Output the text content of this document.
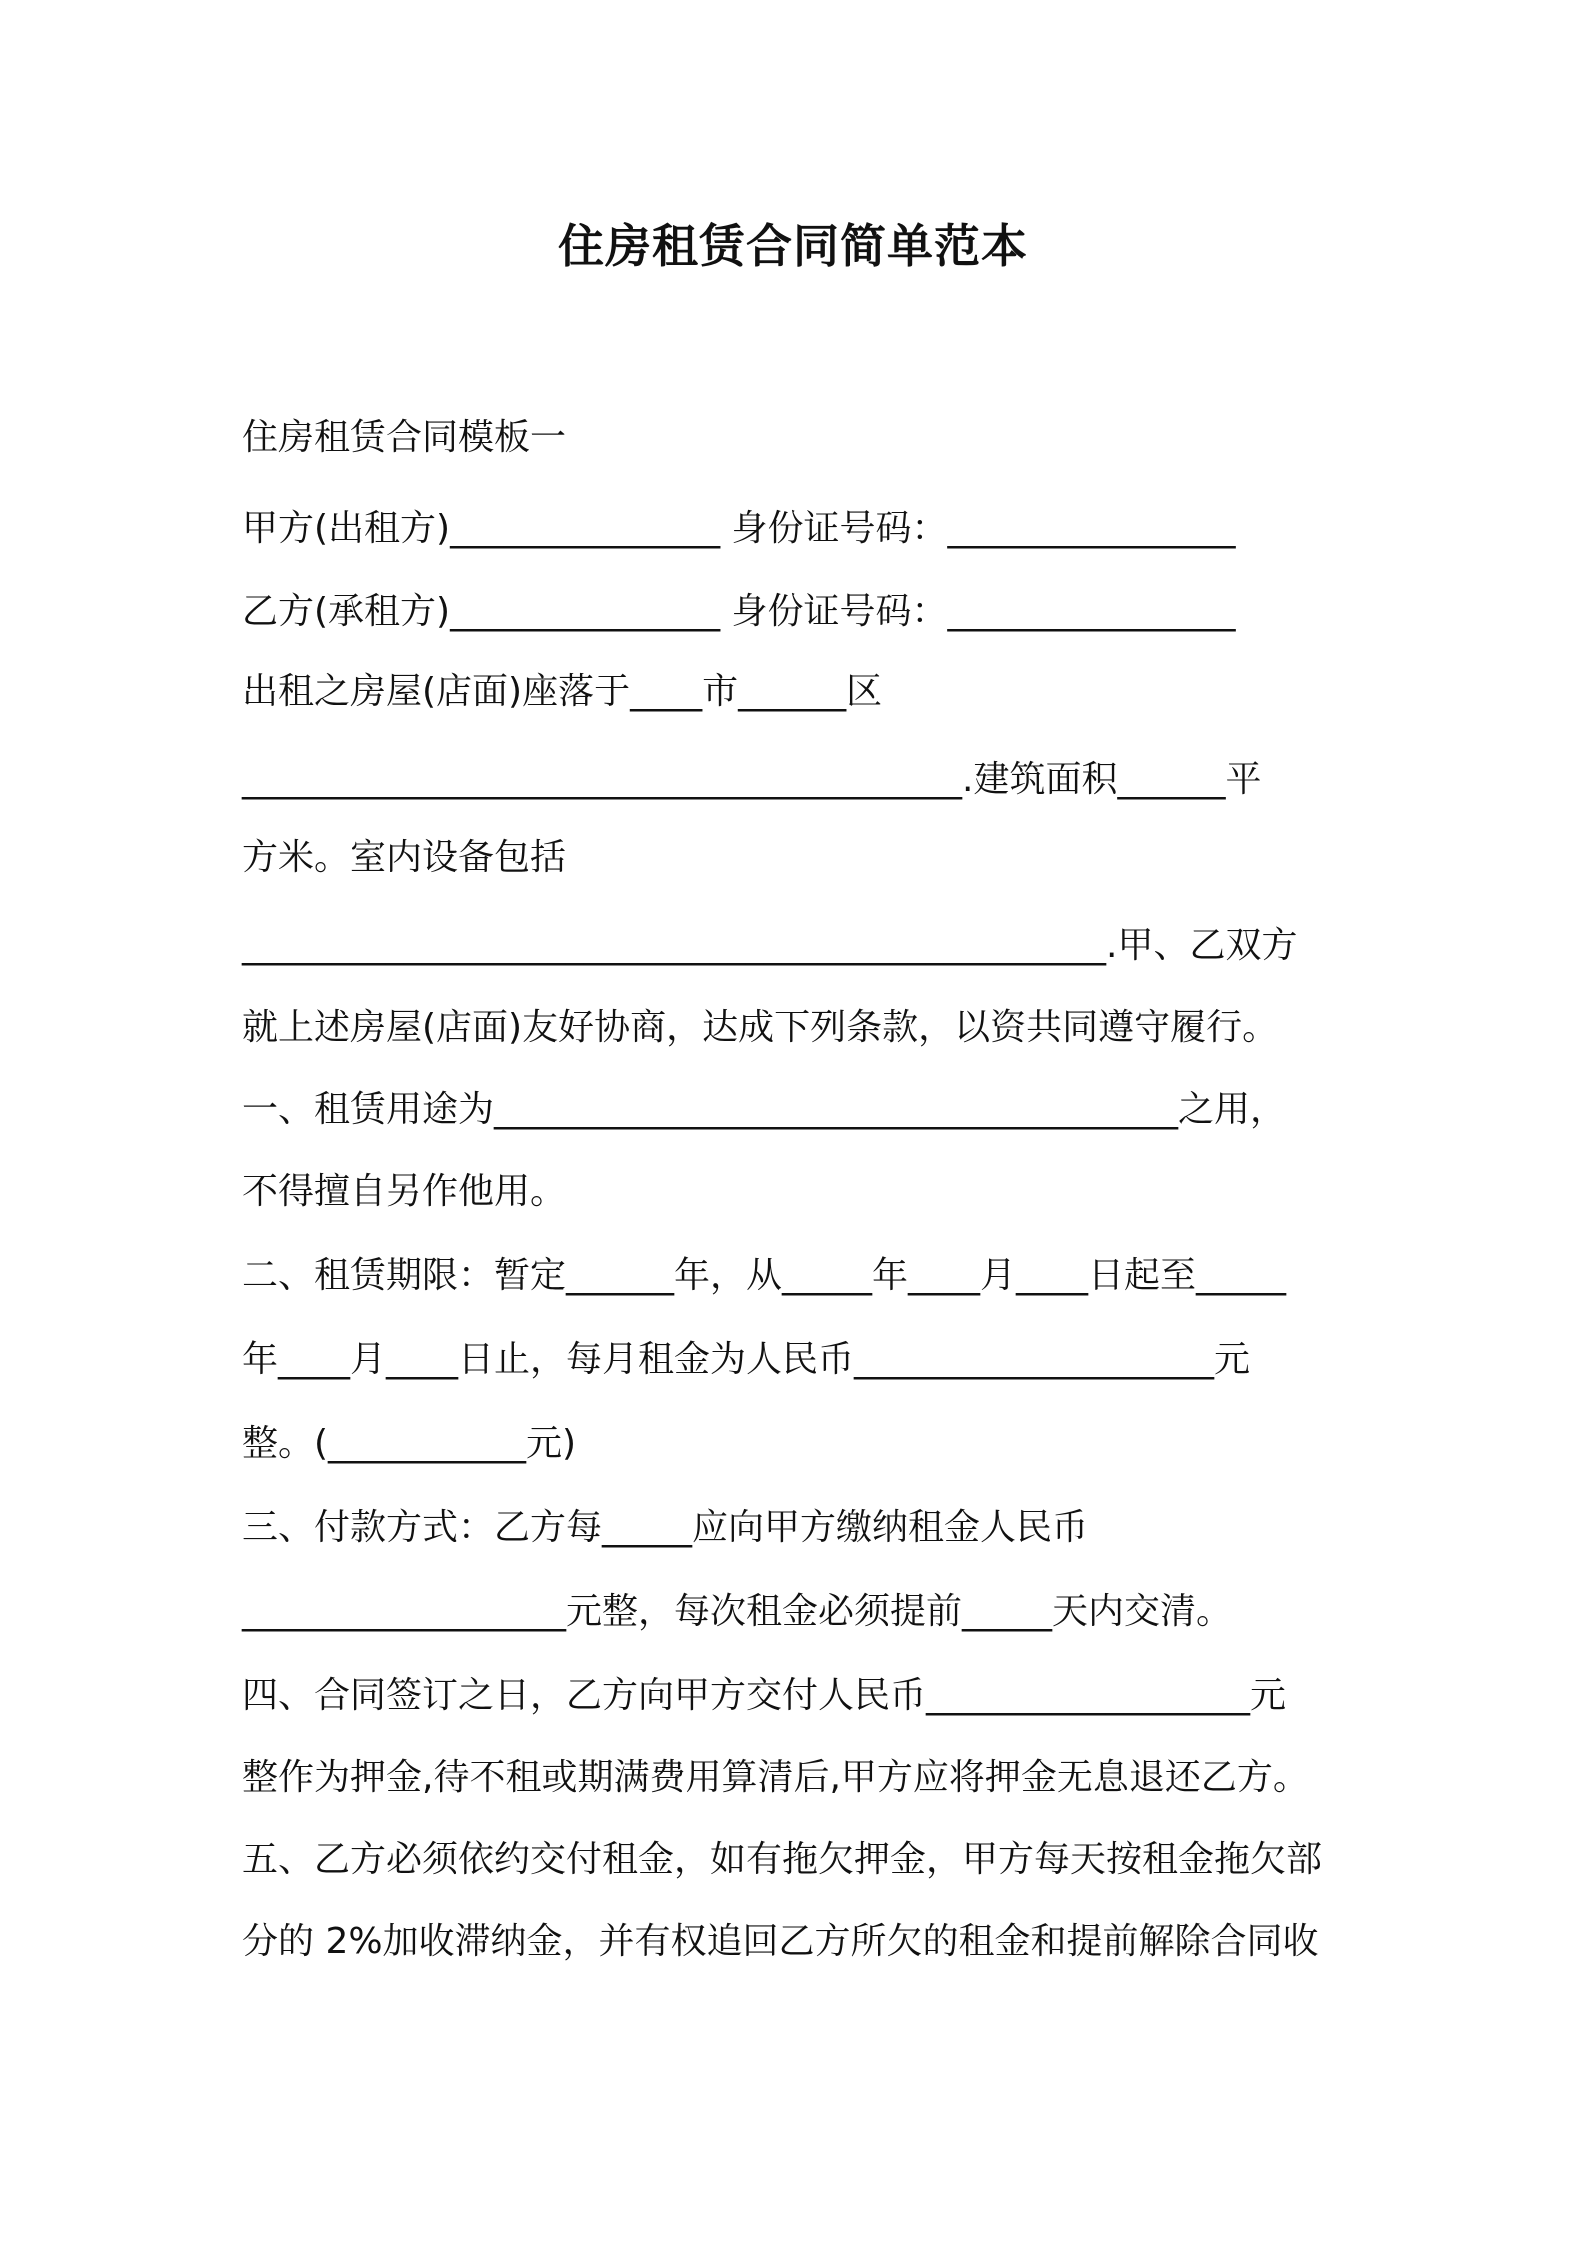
住房租赁合同简单范本
住房租赁合同模板一
甲方(出租方)_______________ 身份证号码：________________
乙方(承租方)_______________ 身份证号码：________________
出租之房屋(店面)座落于____市______区
________________________________________.建筑面积______平
方米。室内设备包括
________________________________________________.甲、乙双方
就上述房屋(店面)友好协商，达成下列条款，以资共同遵守履行。
一、租赁用途为______________________________________之用，
不得擅自另作他用。
二、租赁期限：暂定______年，从_____年____月____日起至_____
年____月____日止，每月租金为人民币____________________元
整。(___________元)
三、付款方式：乙方每_____应向甲方缴纳租金人民币
__________________元整，每次租金必须提前_____天内交清。
四、合同签订之日，乙方向甲方交付人民币__________________元
整作为押金,待不租或期满费用算清后,甲方应将押金无息退还乙方。
五、乙方必须依约交付租金，如有拖欠押金，甲方每天按租金拖欠部
分的 2%加收滞纳金，并有权追回乙方所欠的租金和提前解除合同收
